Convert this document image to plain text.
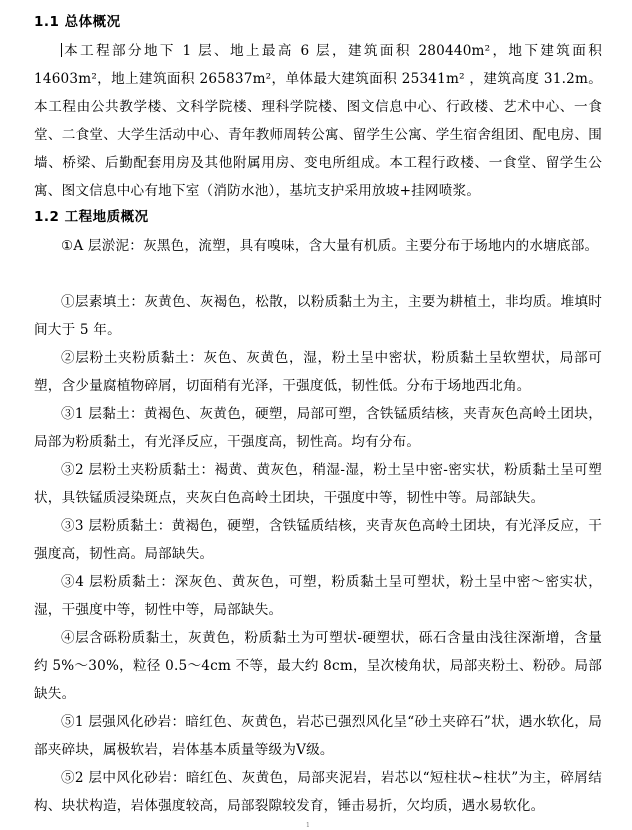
1.1 总体概况
本工程部分地下 1 层、地上最高 6 层，建筑面积 280440m²，地下建筑面积 14603m²，地上建筑面积 265837m²，单体最大建筑面积 25341m² ，建筑高度 31.2m。本工程由公共教学楼、文科学院楼、理科学院楼、图文信息中心、行政楼、艺术中心、一食堂、二食堂、大学生活动中心、青年教师周转公寓、留学生公寓、学生宿舍组团、配电房、围墙、桥梁、后勤配套用房及其他附属用房、变电所组成。本工程行政楼、一食堂、留学生公寓、图文信息中心有地下室（消防水池），基坑支护采用放坡+挂网喷浆。
1.2 工程地质概况
①A 层淤泥：灰黑色，流塑，具有嗅味，含大量有机质。主要分布于场地内的水塘底部。
①层素填土：灰黄色、灰褐色，松散，以粉质黏土为主，主要为耕植土，非均质。堆填时间大于 5 年。
②层粉土夹粉质黏土：灰色、灰黄色，湿，粉土呈中密状，粉质黏土呈软塑状，局部可塑，含少量腐植物碎屑，切面稍有光泽，干强度低，韧性低。分布于场地西北角。
③1 层黏土：黄褐色、灰黄色，硬塑，局部可塑，含铁锰质结核，夹青灰色高岭土团块，局部为粉质黏土，有光泽反应，干强度高，韧性高。均有分布。
③2 层粉土夹粉质黏土：褐黄、黄灰色，稍湿-湿，粉土呈中密-密实状，粉质黏土呈可塑状，具铁锰质浸染斑点，夹灰白色高岭土团块，干强度中等，韧性中等。局部缺失。
③3 层粉质黏土：黄褐色，硬塑，含铁锰质结核，夹青灰色高岭土团块，有光泽反应，干强度高，韧性高。局部缺失。
③4 层粉质黏土：深灰色、黄灰色，可塑，粉质黏土呈可塑状，粉土呈中密～密实状，湿，干强度中等，韧性中等，局部缺失。
④层含砾粉质黏土，灰黄色，粉质黏土为可塑状-硬塑状，砾石含量由浅往深渐增，含量约 5%～30%，粒径 0.5～4cm 不等，最大约 8cm，呈次棱角状，局部夹粉土、粉砂。局部缺失。
⑤1 层强风化砂岩：暗红色、灰黄色，岩芯已强烈风化呈“砂土夹碎石”状，遇水软化，局部夹碎块，属极软岩，岩体基本质量等级为Ⅴ级。
⑤2 层中风化砂岩：暗红色、灰黄色，局部夹泥岩，岩芯以“短柱状~柱状”为主，碎屑结构、块状构造，岩体强度较高，局部裂隙较发育，锤击易折，欠均质，遇水易软化。
1
